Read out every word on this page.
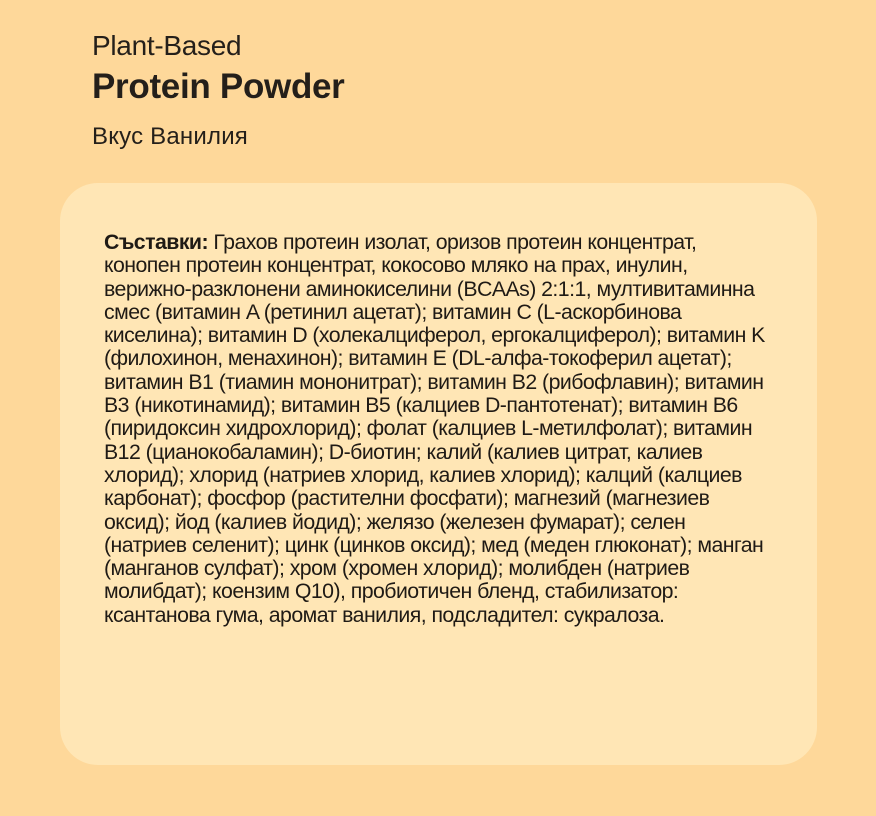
Plant-Based
Protein Powder
Вкус Ванилия
Съставки: Грахов протеин изолат, оризов протеин концентрат, конопен протеин концентрат, кокосово мляко на прах, инулин, верижно-разклонени аминокиселини (BCAAs) 2:1:1, мултивитаминна смес (витамин A (ретинил ацетат); витамин C (L-аскорбинова киселина); витамин D (холекалциферол, ергокалциферол); витамин K (филохинон, менахинон); витамин E (DL-алфа-токоферил ацетат); витамин B1 (тиамин мононитрат); витамин B2 (рибофлавин); витамин B3 (никотинамид); витамин B5 (калциев D-пантотенат); витамин B6 (пиридоксин хидрохлорид); фолат (калциев L-метилфолат); витамин B12 (цианокобаламин); D-биотин; калий (калиев цитрат, калиев хлорид); хлорид (натриев хлорид, калиев хлорид); калций (калциев карбонат); фосфор (растителни фосфати); магнезий (магнезиев оксид); йод (калиев йодид); желязо (железен фумарат); селен (натриев селенит); цинк (цинков оксид); мед (меден глюконат); манган (манганов сулфат); хром (хромен хлорид); молибден (натриев молибдат); коензим Q10), пробиотичен бленд, стабилизатор: ксантанова гума, аромат ванилия, подсладител: сукралоза.
